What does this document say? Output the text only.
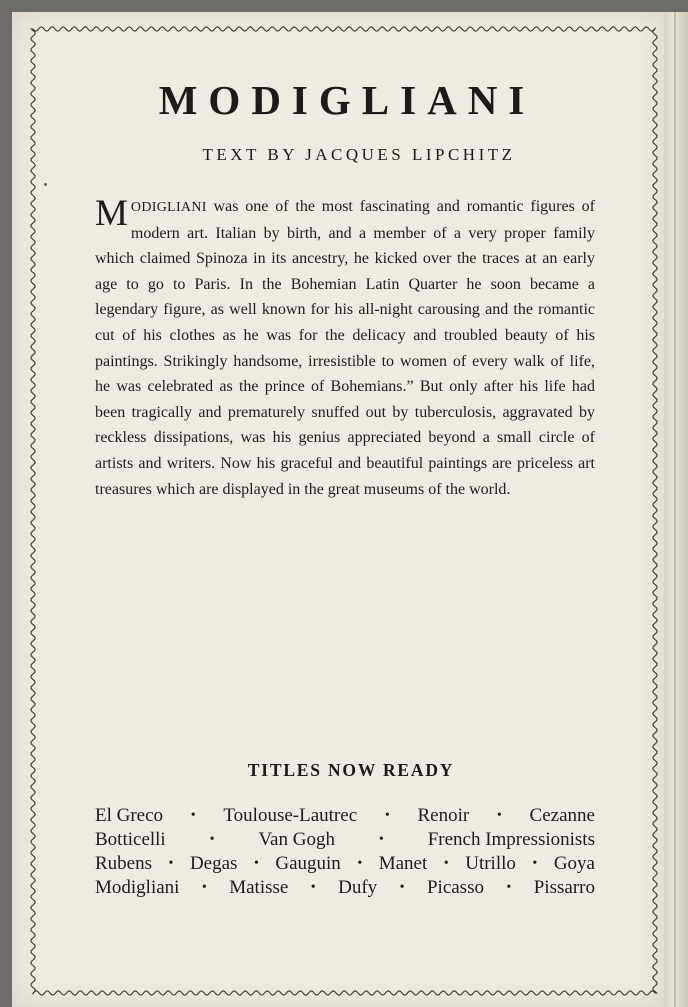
MODIGLIANI
TEXT BY JACQUES LIPCHITZ

MODIGLIANI was one of the most fascinating and romantic figures of modern art. Italian by birth, and a member of a very proper family which claimed Spinoza in its ancestry, he kicked over the traces at an early age to go to Paris. In the Bohemian Latin Quarter he soon became a legendary figure, as well known for his all-night carousing and the romantic cut of his clothes as he was for the delicacy and troubled beauty of his paintings. Strikingly handsome, irresistible to women of every walk of life, he was celebrated as the prince of Bohemians.” But only after his life had been tragically and prematurely snuffed out by tuberculosis, aggravated by reckless dissipations, was his genius appreciated beyond a small circle of artists and writers. Now his graceful and beautiful paintings are priceless art treasures which are displayed in the great museums of the world.

TITLES NOW READY
El Greco • Toulouse-Lautrec • Renoir • Cezanne
Botticelli	• Van Gogh	• French Impressionists
Rubens • Degas • Gauguin • Manet • Utrillo • Goya
Modigliani • Matisse • Dufy • Picasso • Pissarro
